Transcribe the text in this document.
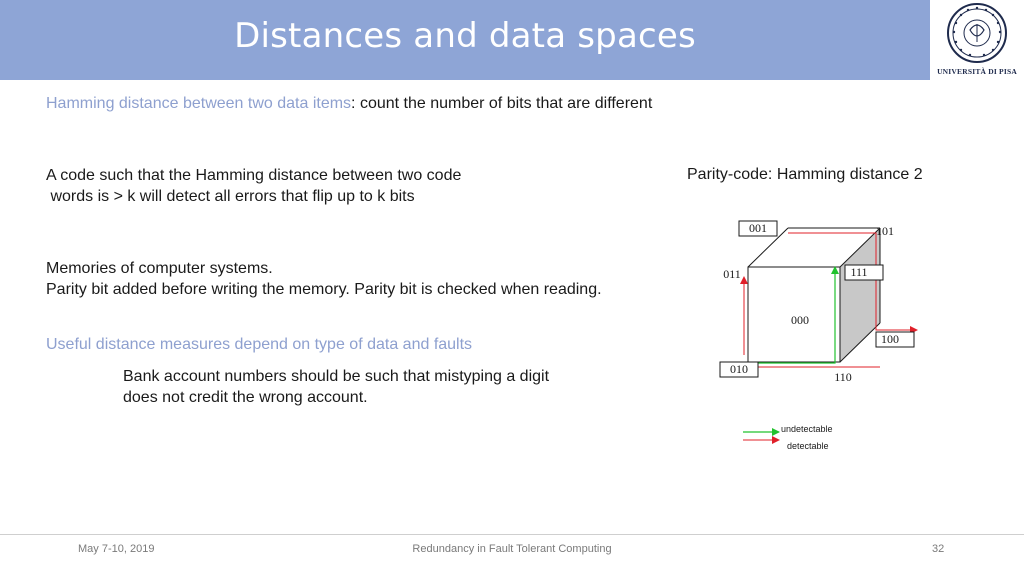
Distances and data spaces
UNIVERSITÀ DI PISA
Hamming distance between two data items: count the number of bits that are different
A code such that the Hamming distance between two code
words is > k will detect all errors that flip up to k bits
Memories of computer systems.
Parity bit added before writing the memory. Parity bit is checked when reading.
Useful distance measures depend on type of data and faults
Bank account numbers should be such that mistyping a digit
does not credit the wrong account.
Parity-code: Hamming distance 2
001	101
011	111
000
100
010
110
undetectable
detectable
May 7-10, 2019	Redundancy in Fault Tolerant Computing	32
